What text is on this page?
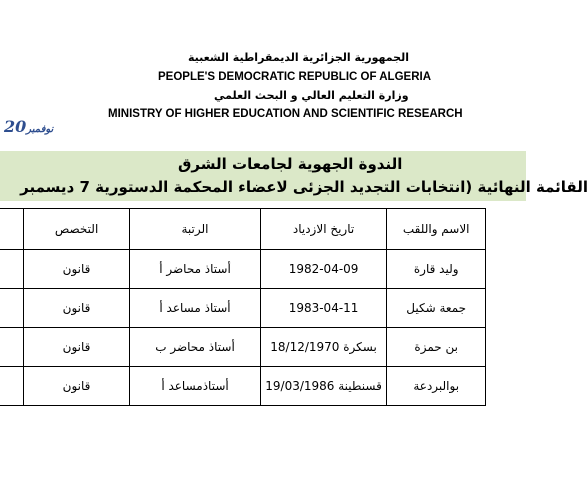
الجمهورية الجزائرية الديمقراطية الشعبية
PEOPLE'S DEMOCRATIC REPUBLIC OF ALGERIA
وزارة التعليم العالي و البحث العلمي
MINISTRY OF HIGHER EDUCATION AND SCIENTIFIC RESEARCH
نوفمبر20
الندوة الجهوية لجامعات الشرق
القائمة النهائية (انتخابات التجديد الجزئى لاعضاء المحكمة الدستورية 7 ديسمبر
الاسم واللقب	تاريخ الازدياد	الرتبة	التخصص	
وليد قارة	1982-04-09	أستاذ محاضر أ	قانون	
جمعة شكيل	1983-04-11	أستاذ مساعد أ	قانون	
بن حمزة	بسكرة 18/12/1970	أستاذ محاضر ب	قانون	
بوالبردعة	قسنطينة 19/03/1986	أستاذمساعد أ	قانون	
